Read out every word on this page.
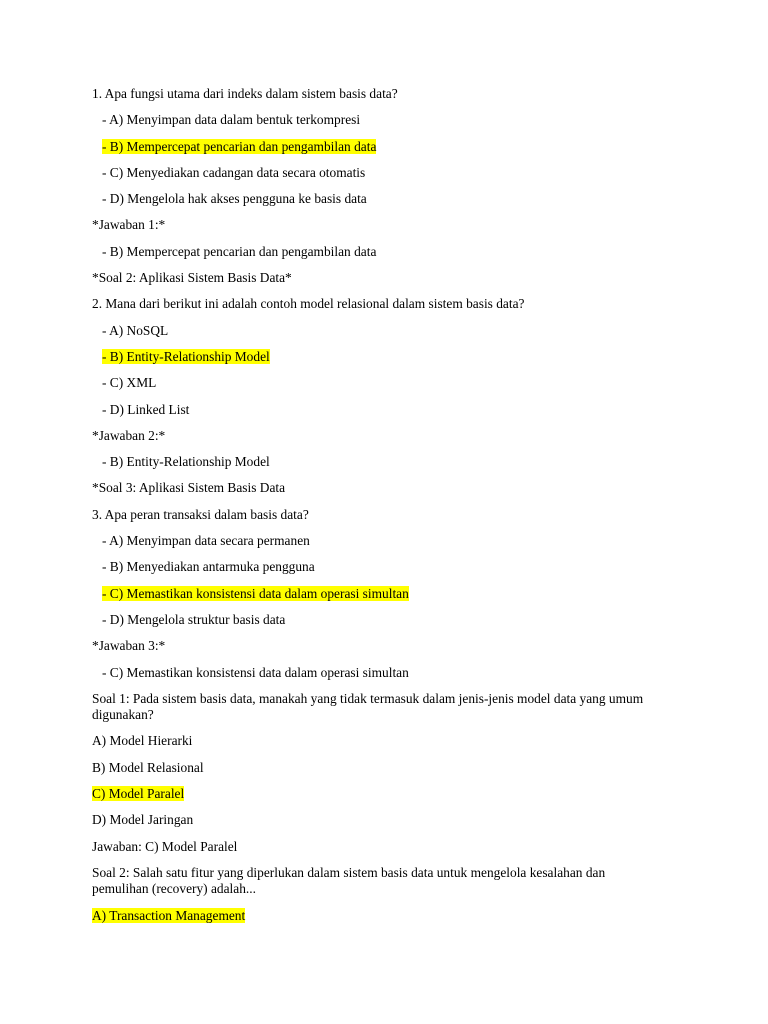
1. Apa fungsi utama dari indeks dalam sistem basis data?
- A) Menyimpan data dalam bentuk terkompresi
- B) Mempercepat pencarian dan pengambilan data
- C) Menyediakan cadangan data secara otomatis
- D) Mengelola hak akses pengguna ke basis data
*Jawaban 1:*
- B) Mempercepat pencarian dan pengambilan data
*Soal 2: Aplikasi Sistem Basis Data*
2. Mana dari berikut ini adalah contoh model relasional dalam sistem basis data?
- A) NoSQL
- B) Entity-Relationship Model
- C) XML
- D) Linked List
*Jawaban 2:*
- B) Entity-Relationship Model
*Soal 3: Aplikasi Sistem Basis Data
3. Apa peran transaksi dalam basis data?
- A) Menyimpan data secara permanen
- B) Menyediakan antarmuka pengguna
- C) Memastikan konsistensi data dalam operasi simultan
- D) Mengelola struktur basis data
*Jawaban 3:*
- C) Memastikan konsistensi data dalam operasi simultan
Soal 1: Pada sistem basis data, manakah yang tidak termasuk dalam jenis-jenis model data yang umum digunakan?
A) Model Hierarki
B) Model Relasional
C) Model Paralel
D) Model Jaringan
Jawaban: C) Model Paralel
Soal 2: Salah satu fitur yang diperlukan dalam sistem basis data untuk mengelola kesalahan dan pemulihan (recovery) adalah...
A) Transaction Management
